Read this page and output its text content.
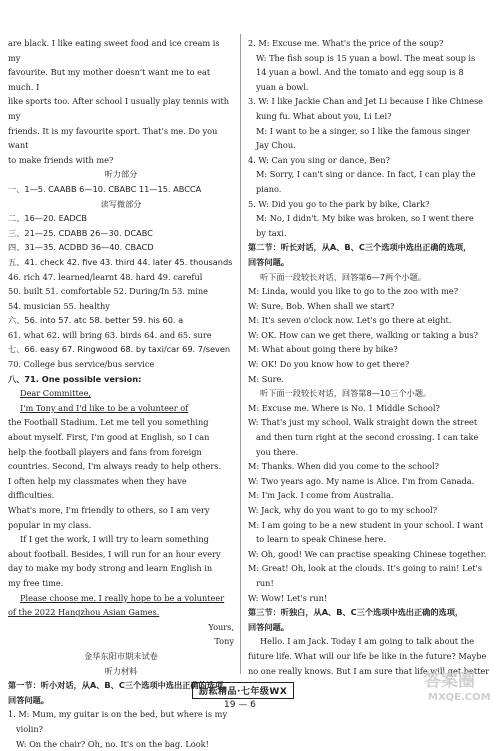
are black. I like eating sweet food and ice cream is my

favourite. But my mother doesn't want me to eat much. I

like sports too. After school I usually play tennis with my

friends. It is my favourite sport. That's me. Do you want

to make friends with me?

听力部分

一、1—5. CAABB 6—10. CBABC 11—15. ABCCA

读写微部分

二、16—20. EADCB

三、21—25. CDABB 26—30. DCABC

四、31—35. ACDBD 36—40. CBACD

五、41. check 42. five 43. third 44. later 45. thousands

46. rich 47. learned/learnt 48. hard 49. careful

50. built 51. comfortable 52. During/In 53. mine

54. musician 55. healthy

六、56. into 57. atc 58. better 59. his 60. a

61. what 62. will bring 63. birds 64. and 65. sure

七、66. easy 67. Ringwood 68. by taxi/car 69. 7/seven

70. College bus service/bus service

八、71. One possible version:

Dear Committee,

I'm Tony and I'd like to be a volunteer of

the Football Stadium. Let me tell you something

about myself. First, I'm good at English, so I can

help the football players and fans from foreign

countries. Second, I'm always ready to help others.

I often help my classmates when they have difficulties.

What's more, I'm friendly to others, so I am very

popular in my class.

If I get the work, I will try to learn something

about football. Besides, I will run for an hour every

day to make my body strong and learn English in

my free time.

Please choose me. I really hope to be a volunteer

of the 2022 Hangzhou Asian Games.

Yours,

Tony

金华东阳市期末试卷

听力材料

第一节：听小对话，从A、B、C三个选项中选出正确的选项，

回答问题。

1. M: Mum, my guitar is on the bed, but where is my

violin?

W: On the chair? Oh, no. It's on the bag. Look!

2. M: Excuse me. What's the price of the soup?

W: The fish soup is 15 yuan a bowl. The meat soup is

14 yuan a bowl. And the tomato and egg soup is 8

yuan a bowl.

3. W: I like Jackie Chan and Jet Li because I like Chinese

kung fu. What about you, Li Lei?

M: I want to be a singer, so I like the famous singer

Jay Chou.

4. W: Can you sing or dance, Ben?

M: Sorry, I can't sing or dance. In fact, I can play the

piano.

5. W: Did you go to the park by bike, Clark?

M: No, I didn't. My bike was broken, so I went there

by taxi.

第二节：听长对话，从A、B、C三个选项中选出正确的选项，

回答问题。

听下面一段较长对话，回答第6—7两个小题。

M: Linda, would you like to go to the zoo with me?

W: Sure, Bob. When shall we start?

M: It's seven o'clock now. Let's go there at eight.

W: OK. How can we get there, walking or taking a bus?

M: What about going there by bike?

W: OK! Do you know how to get there?

M: Sure.

听下面一段较长对话，回答第8—10三个小题。

M: Excuse me. Where is No. 1 Middle School?

W: That's just my school. Walk straight down the street

and then turn right at the second crossing. I can take

you there.

M: Thanks. When did you come to the school?

W: Two years ago. My name is Alice. I'm from Canada.

M: I'm Jack. I come from Australia.

W: Jack, why do you want to go to my school?

M: I am going to be a new student in your school. I want

to learn to speak Chinese here.

W: Oh, good! We can practise speaking Chinese together.

M: Great! Oh, look at the clouds. It's going to rain! Let's

run!

W: Wow! Let's run!

第三节：听独白，从A、B、C三个选项中选出正确的选项，

回答问题。

Hello. I am Jack. Today I am going to talk about the

future life. What will our life be like in the future? Maybe

no one really knows. But I am sure that life will get better

励耘精品·七年级WX
19 — 6
答案圈
MXQE.COM
